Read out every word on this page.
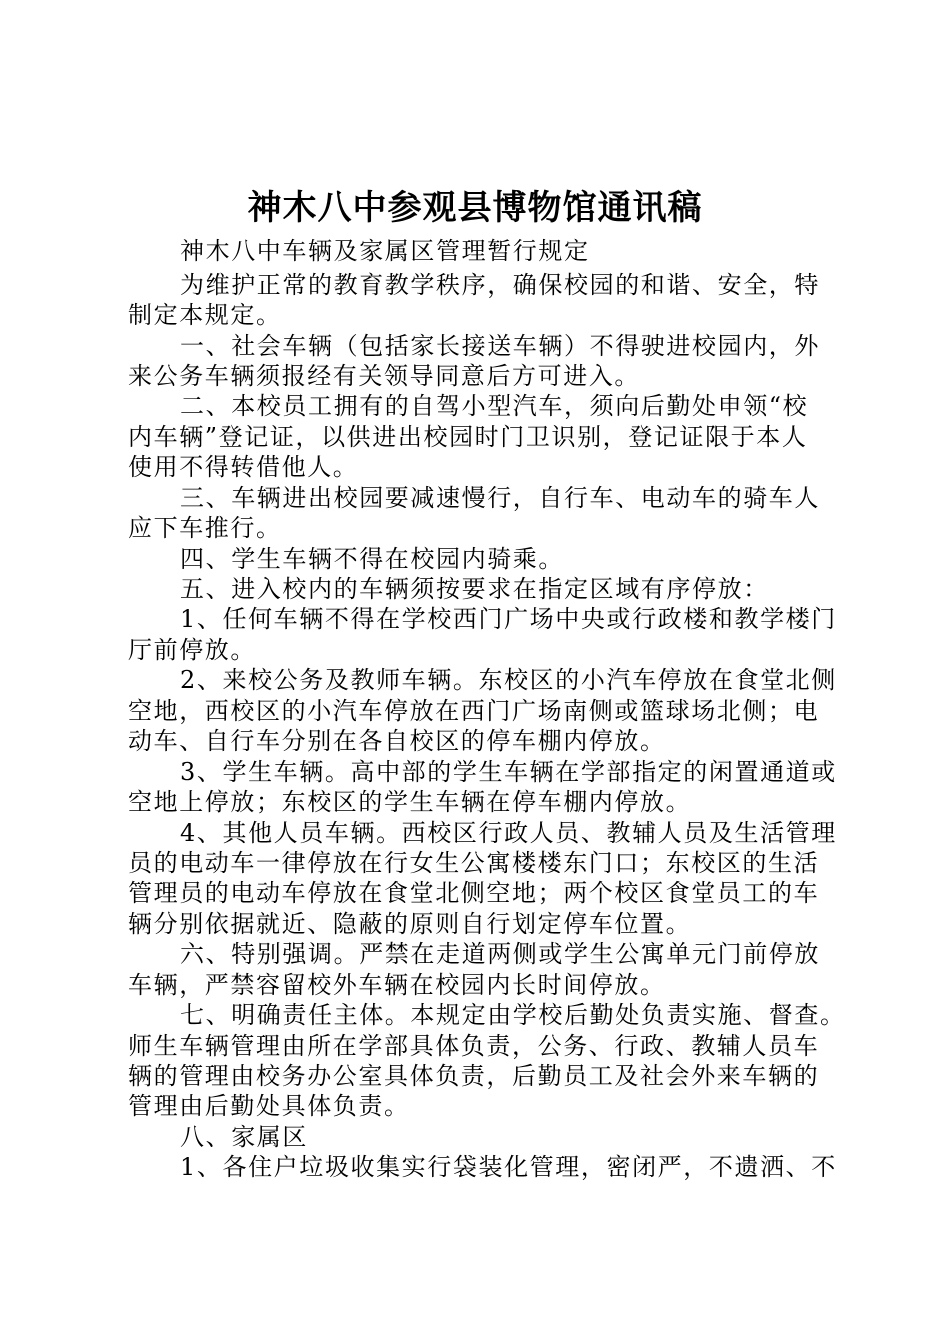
神木八中参观县博物馆通讯稿
神木八中车辆及家属区管理暂行规定
为维护正常的教育教学秩序，确保校园的和谐、安全，特
制定本规定。
一、社会车辆（包括家长接送车辆）不得驶进校园内，外
来公务车辆须报经有关领导同意后方可进入。
二、本校员工拥有的自驾小型汽车，须向后勤处申领“校
内车辆”登记证，以供进出校园时门卫识别，登记证限于本人
使用不得转借他人。
三、车辆进出校园要减速慢行，自行车、电动车的骑车人
应下车推行。
四、学生车辆不得在校园内骑乘。
五、进入校内的车辆须按要求在指定区域有序停放：
1、任何车辆不得在学校西门广场中央或行政楼和教学楼门
厅前停放。
2、来校公务及教师车辆。东校区的小汽车停放在食堂北侧
空地，西校区的小汽车停放在西门广场南侧或篮球场北侧；电
动车、自行车分别在各自校区的停车棚内停放。
3、学生车辆。高中部的学生车辆在学部指定的闲置通道或
空地上停放；东校区的学生车辆在停车棚内停放。
4、其他人员车辆。西校区行政人员、教辅人员及生活管理
员的电动车一律停放在行女生公寓楼楼东门口；东校区的生活
管理员的电动车停放在食堂北侧空地；两个校区食堂员工的车
辆分别依据就近、隐蔽的原则自行划定停车位置。
六、特别强调。严禁在走道两侧或学生公寓单元门前停放
车辆，严禁容留校外车辆在校园内长时间停放。
七、明确责任主体。本规定由学校后勤处负责实施、督查。
师生车辆管理由所在学部具体负责，公务、行政、教辅人员车
辆的管理由校务办公室具体负责，后勤员工及社会外来车辆的
管理由后勤处具体负责。
八、家属区
1、各住户垃圾收集实行袋装化管理，密闭严，不遗洒、不
